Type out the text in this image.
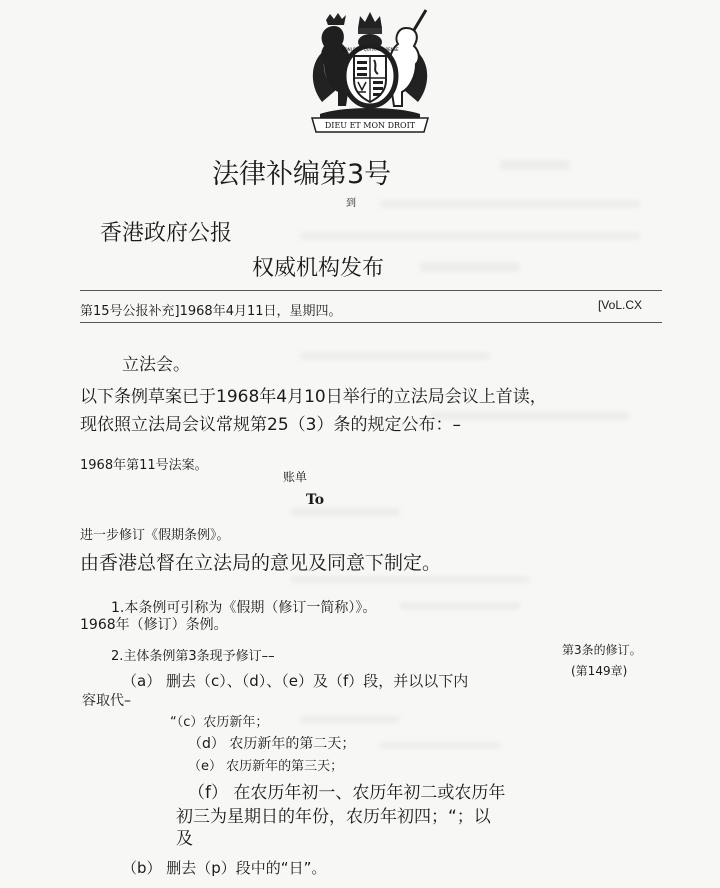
DIEU ET MON DROIT
HONI SOIT QUI MAL Y PENSE
法律补编第3号
到
香港政府公报
权威机构发布
第15号公报补充]1968年4月11日，星期四。	[VoL.CX
立法会。
以下条例草案已于1968年4月10日举行的立法局会议上首读，
现依照立法局会议常规第25（3）条的规定公布：–
1968年第11号法案。
账单
To
进一步修订《假期条例》。
由香港总督在立法局的意见及同意下制定。
1.本条例可引称为《假期（修订一简称）》。
1968年（修订）条例。
2.主体条例第3条现予修订––	第3条的修订。
(第149章)
（a） 删去（c）、（d）、（e）及（f）段，并以以下内
容取代–
“（c）农历新年；
（d） 农历新年的第二天；
（e） 农历新年的第三天；
（f） 在农历年初一、农历年初二或农历年
初三为星期日的年份，农历年初四；“；以
及
（b） 删去（p）段中的“日”。
